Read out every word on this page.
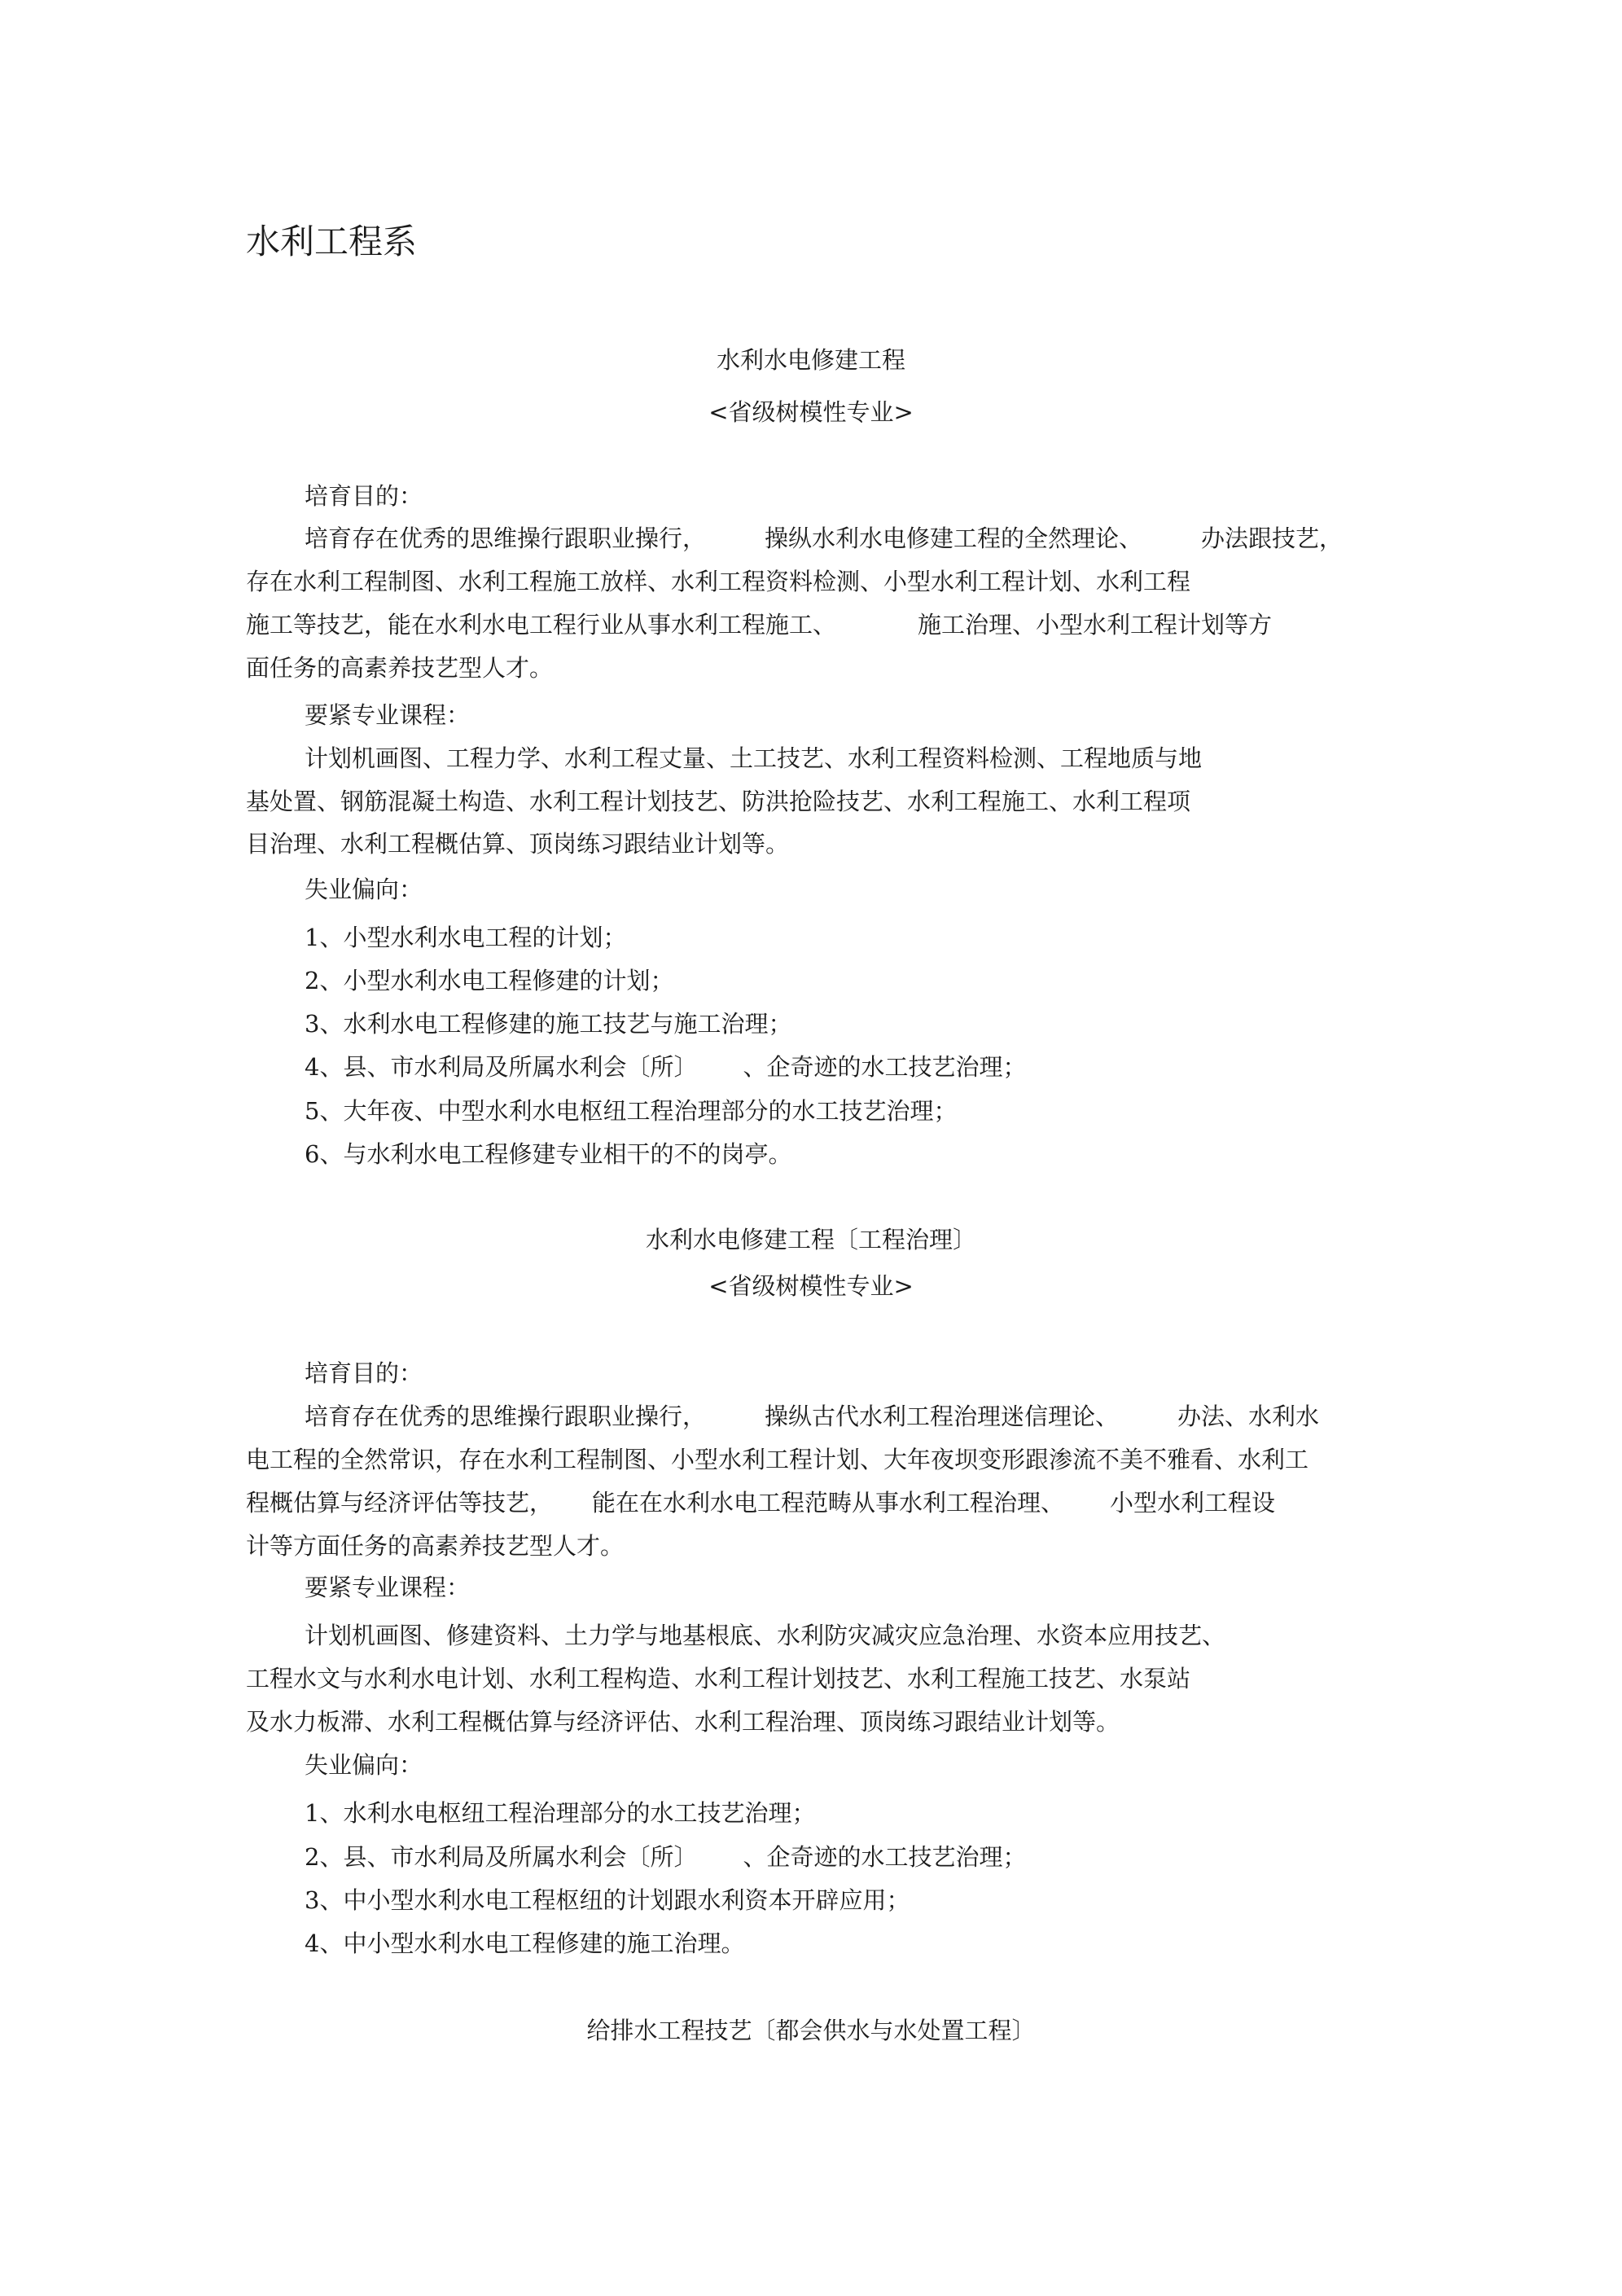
水利工程系
水利水电修建工程
<省级树模性专业>
培育目的：
培育存在优秀的思维操行跟职业操行， 操纵水利水电修建工程的全然理论、 办法跟技艺，
存在水利工程制图、水利工程施工放样、水利工程资料检测、小型水利工程计划、水利工程
施工等技艺，能在水利水电工程行业从事水利工程施工、	施工治理、小型水利工程计划等方
面任务的高素养技艺型人才。
要紧专业课程：
计划机画图、工程力学、水利工程丈量、土工技艺、水利工程资料检测、工程地质与地
基处置、钢筋混凝土构造、水利工程计划技艺、防洪抢险技艺、水利工程施工、水利工程项
目治理、水利工程概估算、顶岗练习跟结业计划等。
失业偏向：
1、小型水利水电工程的计划；
2、小型水利水电工程修建的计划；
3、水利水电工程修建的施工技艺与施工治理；
4、县、市水利局及所属水利会〔所〕 、企奇迹的水工技艺治理；
5、大年夜、中型水利水电枢纽工程治理部分的水工技艺治理；
6、与水利水电工程修建专业相干的不的岗亭。
水利水电修建工程〔工程治理〕
<省级树模性专业>
培育目的：
培育存在优秀的思维操行跟职业操行， 操纵古代水利工程治理迷信理论、 办法、水利水
电工程的全然常识，存在水利工程制图、小型水利工程计划、大年夜坝变形跟渗流不美不雅看、水利工
程概估算与经济评估等技艺， 能在在水利水电工程范畴从事水利工程治理、 小型水利工程设
计等方面任务的高素养技艺型人才。
要紧专业课程：
计划机画图、修建资料、土力学与地基根底、水利防灾减灾应急治理、水资本应用技艺、
工程水文与水利水电计划、水利工程构造、水利工程计划技艺、水利工程施工技艺、水泵站
及水力板滞、水利工程概估算与经济评估、水利工程治理、顶岗练习跟结业计划等。
失业偏向：
1、水利水电枢纽工程治理部分的水工技艺治理；
2、县、市水利局及所属水利会〔所〕 、企奇迹的水工技艺治理；
3、中小型水利水电工程枢纽的计划跟水利资本开辟应用；
4、中小型水利水电工程修建的施工治理。
给排水工程技艺〔都会供水与水处置工程〕
